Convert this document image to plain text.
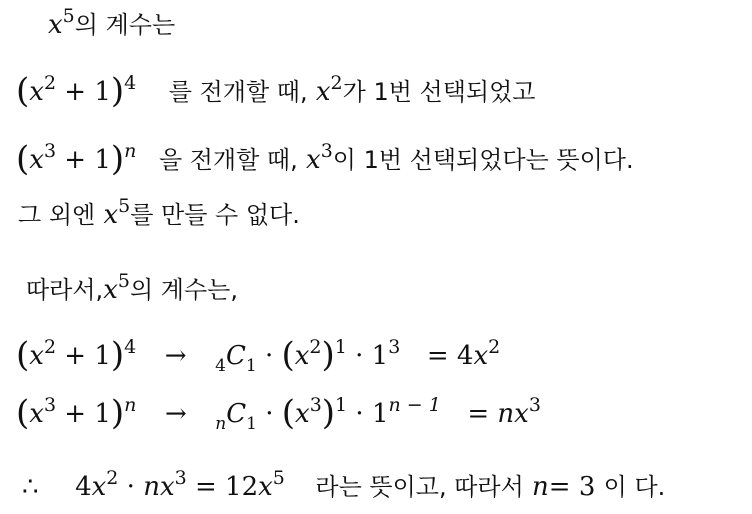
$x^5$의 계수는
$(x^2 + 1)^4$ 를 전개할 때, $x^2$가 1번 선택되었고
$(x^3 + 1)^n$ 을 전개할 때, $x^3$이 1번 선택되었다는 뜻이다.
그 외엔 $x^5$를 만들 수 없다.
따라서$,x^5$의 계수는,
$(x^2 + 1)^4 \to _4C_1 \cdot (x^2)^1 \cdot 1^3 = 4x^2$
$(x^3 + 1)^n \to _nC_1 \cdot (x^3)^1 \cdot 1^{n - 1} = nx^3$
∴ $4x^2 \cdot nx^3 = 12x^5$ 라는 뜻이고, 따라서 n= 3 이 다.
